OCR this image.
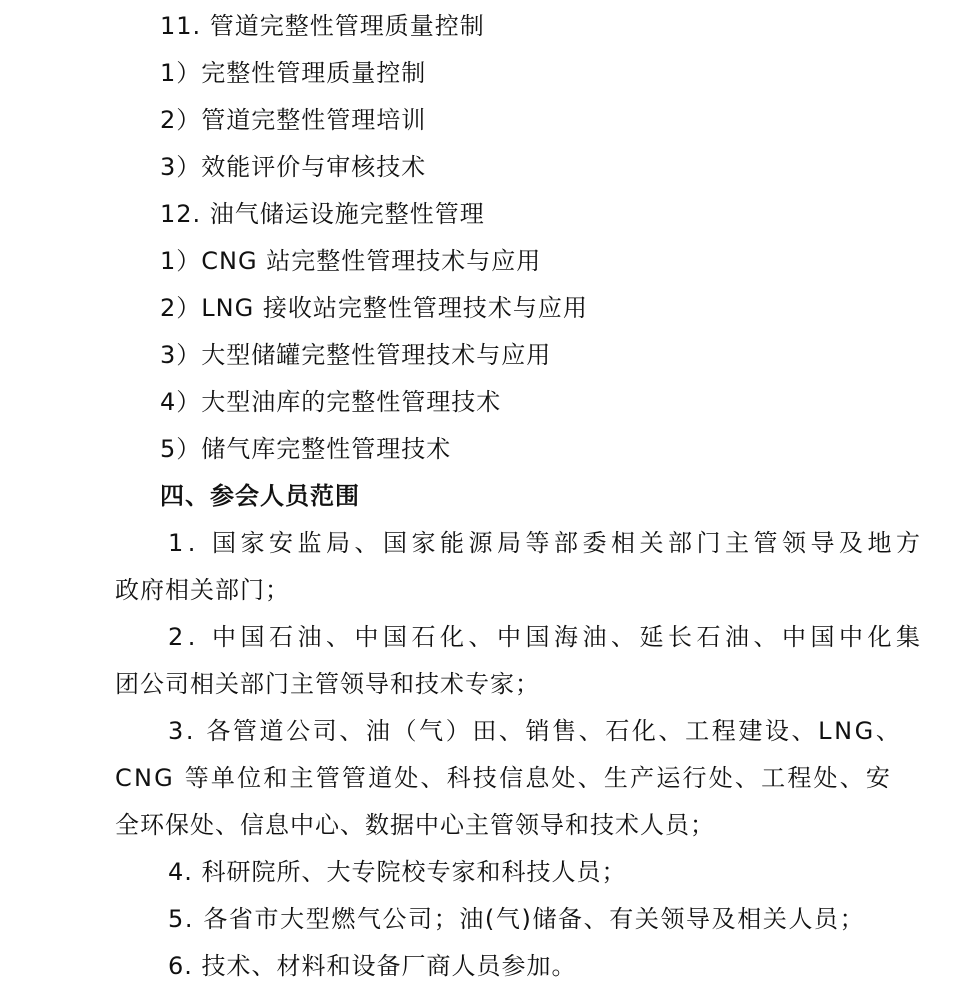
11. 管道完整性管理质量控制
1）完整性管理质量控制
2）管道完整性管理培训
3）效能评价与审核技术
12. 油气储运设施完整性管理
1）CNG 站完整性管理技术与应用
2）LNG 接收站完整性管理技术与应用
3）大型储罐完整性管理技术与应用
4）大型油库的完整性管理技术
5）储气库完整性管理技术
四、参会人员范围
1. 国家安监局、国家能源局等部委相关部门主管领导及地方
政府相关部门；
2. 中国石油、中国石化、中国海油、延长石油、中国中化集
团公司相关部门主管领导和技术专家；
3. 各管道公司、油（气）田、销售、石化、工程建设、LNG、
CNG 等单位和主管管道处、科技信息处、生产运行处、工程处、安
全环保处、信息中心、数据中心主管领导和技术人员；
4. 科研院所、大专院校专家和科技人员；
5. 各省市大型燃气公司；油(气)储备、有关领导及相关人员；
6. 技术、材料和设备厂商人员参加。
